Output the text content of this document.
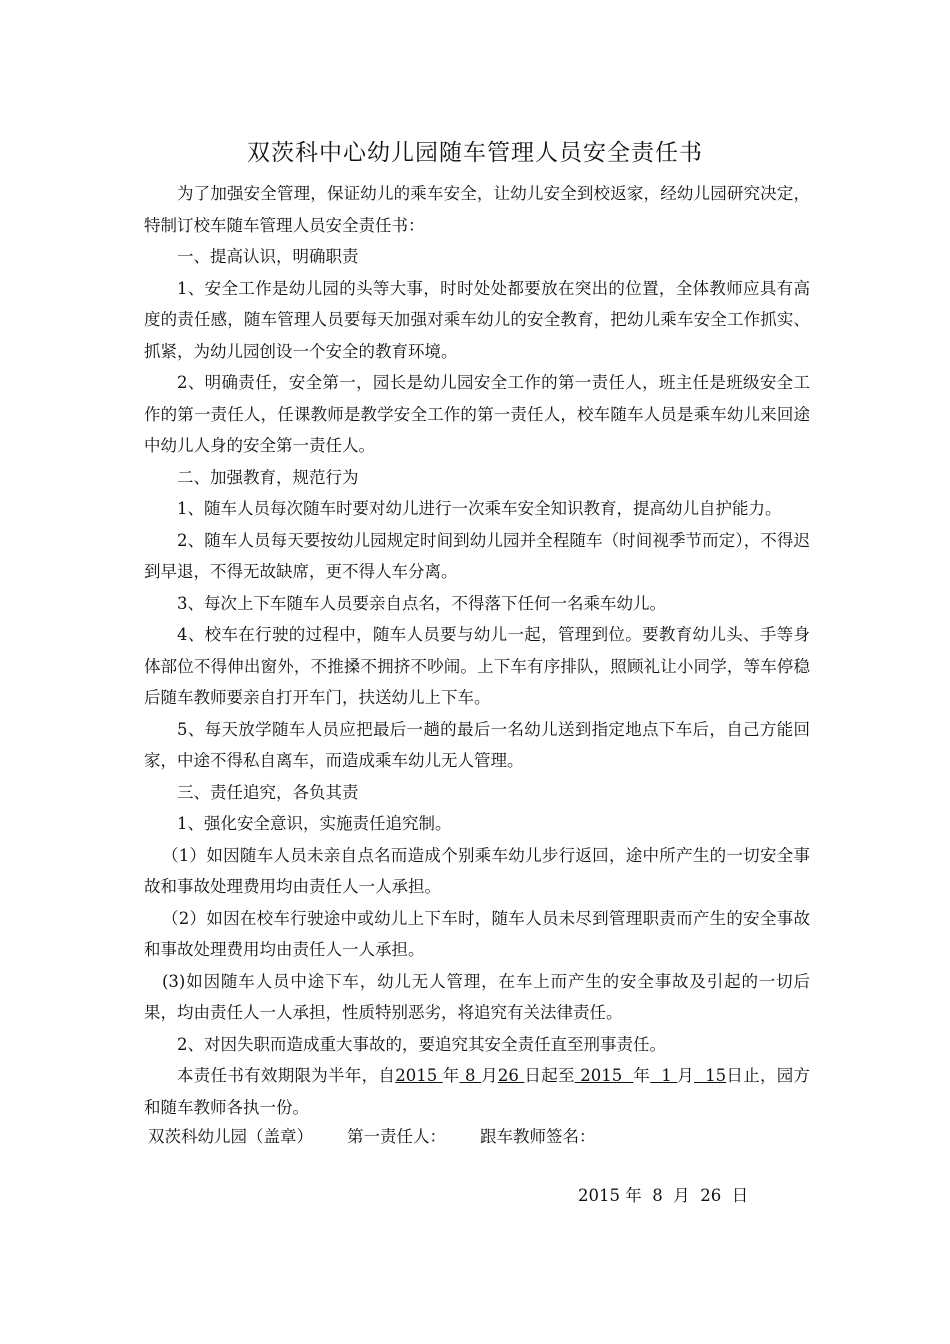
双茨科中心幼儿园随车管理人员安全责任书

为了加强安全管理，保证幼儿的乘车安全，让幼儿安全到校返家，经幼儿园研究决定，特制订校车随车管理人员安全责任书：

一、提高认识，明确职责

1、安全工作是幼儿园的头等大事，时时处处都要放在突出的位置，全体教师应具有高度的责任感，随车管理人员要每天加强对乘车幼儿的安全教育，把幼儿乘车安全工作抓实、抓紧，为幼儿园创设一个安全的教育环境。

2、明确责任，安全第一，园长是幼儿园安全工作的第一责任人，班主任是班级安全工作的第一责任人，任课教师是教学安全工作的第一责任人，校车随车人员是乘车幼儿来回途中幼儿人身的安全第一责任人。

二、加强教育，规范行为

1、随车人员每次随车时要对幼儿进行一次乘车安全知识教育，提高幼儿自护能力。

2、随车人员每天要按幼儿园规定时间到幼儿园并全程随车（时间视季节而定），不得迟到早退，不得无故缺席，更不得人车分离。

3、每次上下车随车人员要亲自点名，不得落下任何一名乘车幼儿。

4、校车在行驶的过程中，随车人员要与幼儿一起，管理到位。要教育幼儿头、手等身体部位不得伸出窗外，不推搡不拥挤不吵闹。上下车有序排队，照顾礼让小同学，等车停稳后随车教师要亲自打开车门，扶送幼儿上下车。

5、每天放学随车人员应把最后一趟的最后一名幼儿送到指定地点下车后，自己方能回家，中途不得私自离车，而造成乘车幼儿无人管理。

三、责任追究，各负其责

1、强化安全意识，实施责任追究制。

（1）如因随车人员未亲自点名而造成个别乘车幼儿步行返回，途中所产生的一切安全事故和事故处理费用均由责任人一人承担。

（2）如因在校车行驶途中或幼儿上下车时，随车人员未尽到管理职责而产生的安全事故和事故处理费用均由责任人一人承担。

(3)如因随车人员中途下车，幼儿无人管理，在车上而产生的安全事故及引起的一切后果，均由责任人一人承担，性质特别恶劣，将追究有关法律责任。

2、对因失职而造成重大事故的，要追究其安全责任直至刑事责任。

本责任书有效期限为半年，自2015 年 8 月26 日起至 2015  年  1 月  15日止，园方和随车教师各执一份。

双茨科幼儿园（盖章） 第一责任人： 跟车教师签名：
2015 年  8  月  26  日
